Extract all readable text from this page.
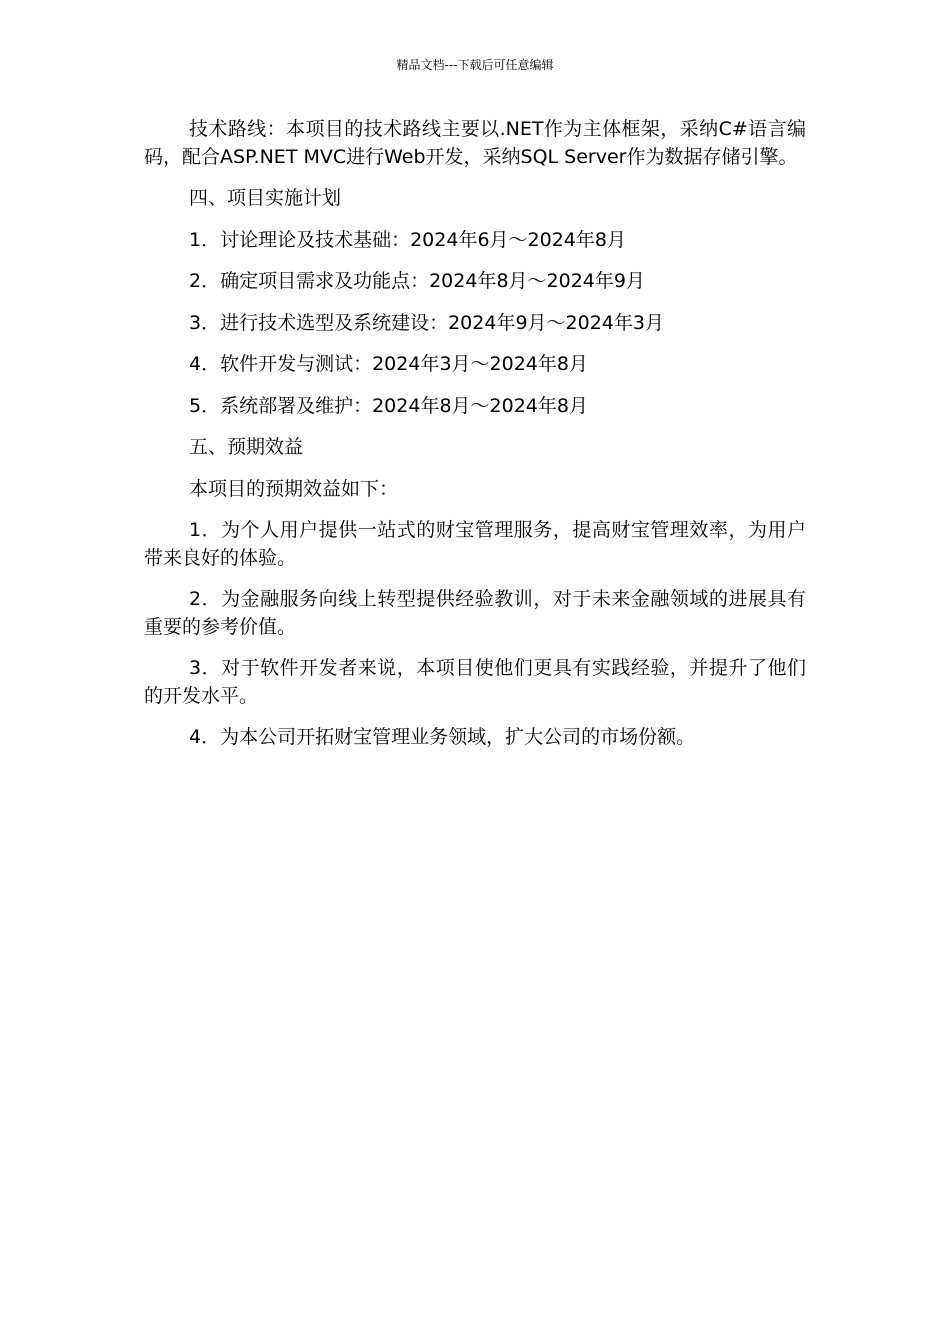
精品文档---下载后可任意编辑

技术路线：本项目的技术路线主要以.NET作为主体框架，采纳C#语言编码，配合ASP.NET MVC进行Web开发，采纳SQL Server作为数据存储引擎。

四、项目实施计划

1．讨论理论及技术基础：2024年6月～2024年8月

2．确定项目需求及功能点：2024年8月～2024年9月

3．进行技术选型及系统建设：2024年9月～2024年3月

4．软件开发与测试：2024年3月～2024年8月

5．系统部署及维护：2024年8月～2024年8月

五、预期效益

本项目的预期效益如下：

1．为个人用户提供一站式的财宝管理服务，提高财宝管理效率，为用户带来良好的体验。

2．为金融服务向线上转型提供经验教训，对于未来金融领域的进展具有重要的参考价值。

3．对于软件开发者来说，本项目使他们更具有实践经验，并提升了他们的开发水平。

4．为本公司开拓财宝管理业务领域，扩大公司的市场份额。
